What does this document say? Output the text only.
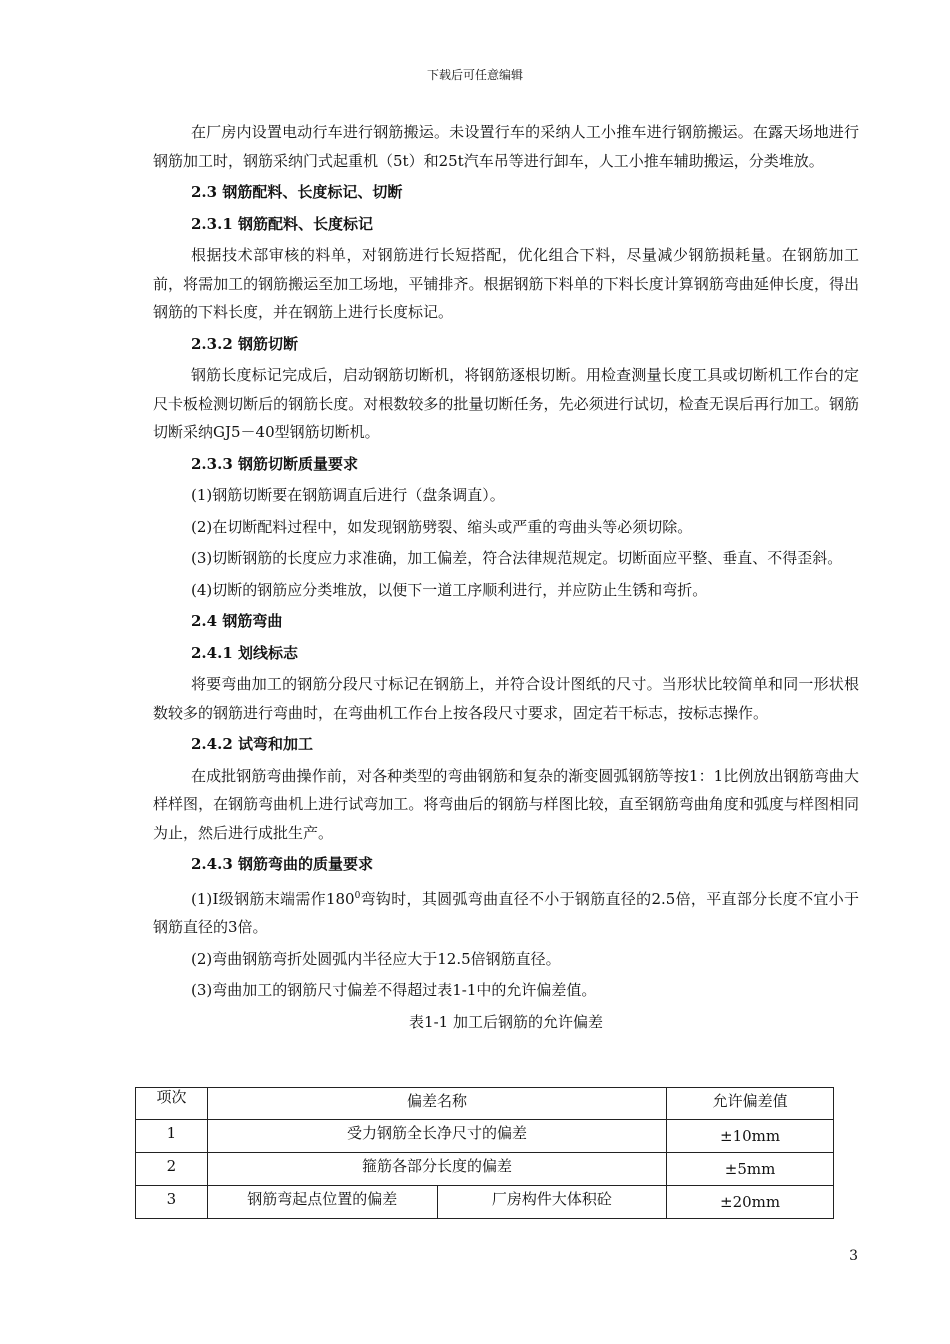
下载后可任意编辑
在厂房内设置电动行车进行钢筋搬运。未设置行车的采纳人工小推车进行钢筋搬运。在露天场地进行钢筋加工时，钢筋采纳门式起重机（5t）和25t汽车吊等进行卸车，人工小推车辅助搬运，分类堆放。
2.3 钢筋配料、长度标记、切断
2.3.1 钢筋配料、长度标记
根据技术部审核的料单，对钢筋进行长短搭配，优化组合下料，尽量减少钢筋损耗量。在钢筋加工前，将需加工的钢筋搬运至加工场地，平铺排齐。根据钢筋下料单的下料长度计算钢筋弯曲延伸长度，得出钢筋的下料长度，并在钢筋上进行长度标记。
2.3.2 钢筋切断
钢筋长度标记完成后，启动钢筋切断机，将钢筋逐根切断。用检查测量长度工具或切断机工作台的定尺卡板检测切断后的钢筋长度。对根数较多的批量切断任务，先必须进行试切，检查无误后再行加工。钢筋切断采纳GJ5－40型钢筋切断机。
2.3.3 钢筋切断质量要求
(1)钢筋切断要在钢筋调直后进行（盘条调直）。
(2)在切断配料过程中，如发现钢筋劈裂、缩头或严重的弯曲头等必须切除。
(3)切断钢筋的长度应力求准确，加工偏差，符合法律规范规定。切断面应平整、垂直、不得歪斜。
(4)切断的钢筋应分类堆放，以便下一道工序顺利进行，并应防止生锈和弯折。
2.4 钢筋弯曲
2.4.1 划线标志
将要弯曲加工的钢筋分段尺寸标记在钢筋上，并符合设计图纸的尺寸。当形状比较简单和同一形状根数较多的钢筋进行弯曲时，在弯曲机工作台上按各段尺寸要求，固定若干标志，按标志操作。
2.4.2 试弯和加工
在成批钢筋弯曲操作前，对各种类型的弯曲钢筋和复杂的渐变圆弧钢筋等按1：1比例放出钢筋弯曲大样样图，在钢筋弯曲机上进行试弯加工。将弯曲后的钢筋与样图比较，直至钢筋弯曲角度和弧度与样图相同为止，然后进行成批生产。
2.4.3 钢筋弯曲的质量要求
(1)Ⅰ级钢筋末端需作$180^0$弯钩时，其圆弧弯曲直径不小于钢筋直径的2.5倍，平直部分长度不宜小于钢筋直径的3倍。
(2)弯曲钢筋弯折处圆弧内半径应大于12.5倍钢筋直径。
(3)弯曲加工的钢筋尺寸偏差不得超过表1-1中的允许偏差值。
表1-1 加工后钢筋的允许偏差
项次	偏差名称		允许偏差值
1	受力钢筋全长净尺寸的偏差		±10mm
2	箍筋各部分长度的偏差		±5mm
3	钢筋弯起点位置的偏差	厂房构件大体积砼	±20mm
3
